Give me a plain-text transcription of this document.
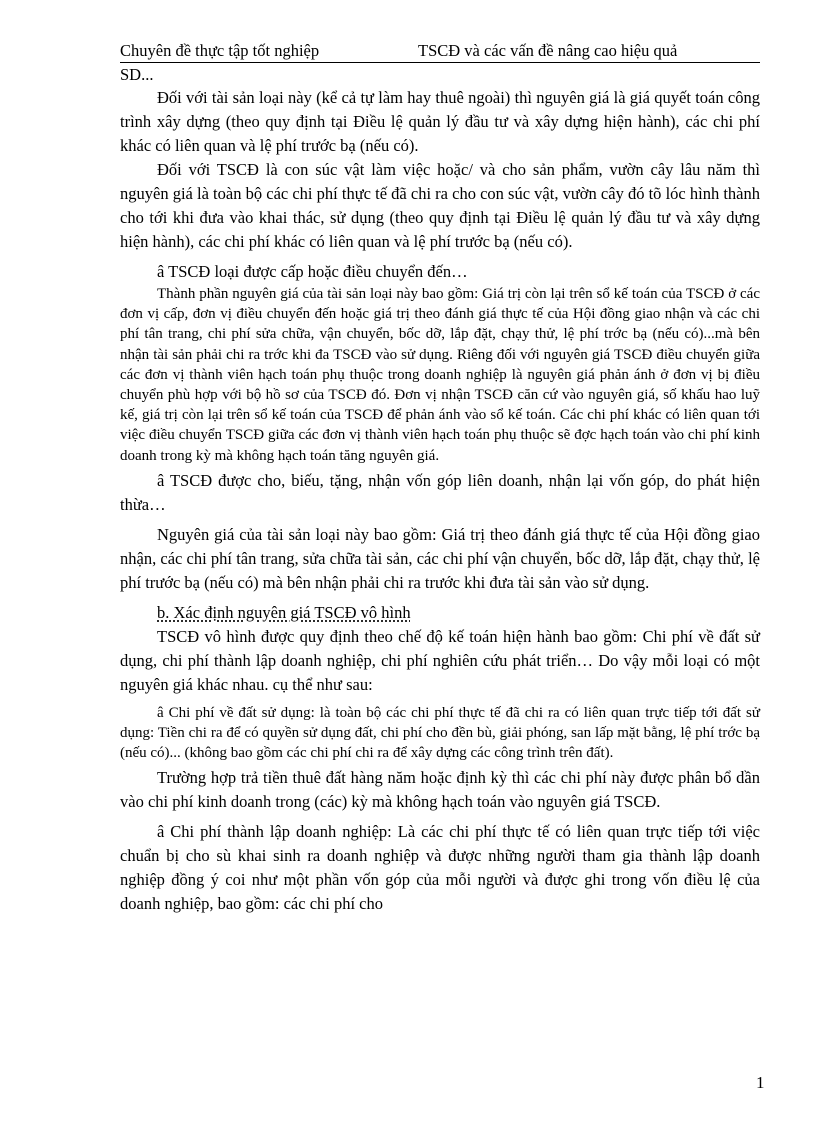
Chuyên đề thực tập tốt nghiệp	TSCĐ và các vấn đề nâng cao hiệu quả
SD...

Đối với tài sản loại này (kể cả tự làm hay thuê ngoài) thì nguyên giá là giá quyết toán công trình xây dựng (theo quy định tại Điều lệ quản lý đầu tư và xây dựng hiện hành), các chi phí khác có liên quan và lệ phí trước bạ (nếu có).

Đối với TSCĐ là con súc vật làm việc hoặc/ và cho sản phẩm, vườn cây lâu năm thì nguyên giá là toàn bộ các chi phí thực tế đã chi ra cho con súc vật, vườn cây đó tõ lóc hình thành cho tới khi đưa vào khai thác, sử dụng (theo quy định tại Điều lệ quản lý đầu tư và xây dựng hiện hành), các chi phí khác có liên quan và lệ phí trước bạ (nếu có).

â TSCĐ loại được cấp hoặc điều chuyển đến…

Thành phần nguyên giá của tài sản loại này bao gồm: Giá trị còn lại trên sổ kế toán của TSCĐ ở các đơn vị cấp, đơn vị điều chuyển đến hoặc giá trị theo đánh giá thực tế của Hội đồng giao nhận và các chi phí tân trang, chi phí sửa chữa, vận chuyển, bốc dỡ, lắp đặt, chạy thử, lệ phí trớc bạ (nếu có)...mà bên nhận tài sản phải chi ra trớc khi đa TSCĐ vào sử dụng. Riêng đối với nguyên giá TSCĐ điều chuyển giữa các đơn vị thành viên hạch toán phụ thuộc trong doanh nghiệp là nguyên giá phản ánh ở đơn vị bị điều chuyển phù hợp với bộ hồ sơ của TSCĐ đó. Đơn vị nhận TSCĐ căn cứ vào nguyên giá, số khấu hao luỹ kế, giá trị còn lại trên sổ kế toán của TSCĐ để phản ánh vào sổ kế toán. Các chi phí khác có liên quan tới việc điều chuyển TSCĐ giữa các đơn vị thành viên hạch toán phụ thuộc sẽ đợc hạch toán vào chi phí kinh doanh trong kỳ mà không hạch toán tăng nguyên giá.

â TSCĐ được cho, biếu, tặng, nhận vốn góp liên doanh, nhận lại vốn góp, do phát hiện thừa…

Nguyên giá của tài sản loại này bao gồm: Giá trị theo đánh giá thực tế của Hội đồng giao nhận, các chi phí tân trang, sửa chữa tài sản, các chi phí vận chuyển, bốc dỡ, lắp đặt, chạy thử, lệ phí trước bạ (nếu có) mà bên nhận phải chi ra trước khi đưa tài sản vào sử dụng.

b. Xác định nguyên giá TSCĐ vô hình

TSCĐ vô hình được quy định theo chế độ kế toán hiện hành bao gồm: Chi phí về đất sử dụng, chi phí thành lập doanh nghiệp, chi phí nghiên cứu phát triển… Do vậy mỗi loại có một nguyên giá khác nhau. cụ thể như sau:

â Chi phí về đất sử dụng: là toàn bộ các chi phí thực tế đã chi ra có liên quan trực tiếp tới đất sử dụng: Tiền chi ra để có quyền sử dụng đất, chi phí cho đền bù, giải phóng, san lấp mặt bằng, lệ phí trớc bạ (nếu có)... (không bao gồm các chi phí chi ra để xây dựng các công trình trên đất).

Trường hợp trả tiền thuê đất hàng năm hoặc định kỳ thì các chi phí này được phân bổ dần vào chi phí kinh doanh trong (các) kỳ mà không hạch toán vào nguyên giá TSCĐ.

â Chi phí thành lập doanh nghiệp: Là các chi phí thực tế có liên quan trực tiếp tới việc chuẩn bị cho sù khai sinh ra doanh nghiệp và được những người tham gia thành lập doanh nghiệp đồng ý coi như một phần vốn góp của mỗi người và được ghi trong vốn điều lệ của doanh nghiệp, bao gồm: các chi phí cho

1
